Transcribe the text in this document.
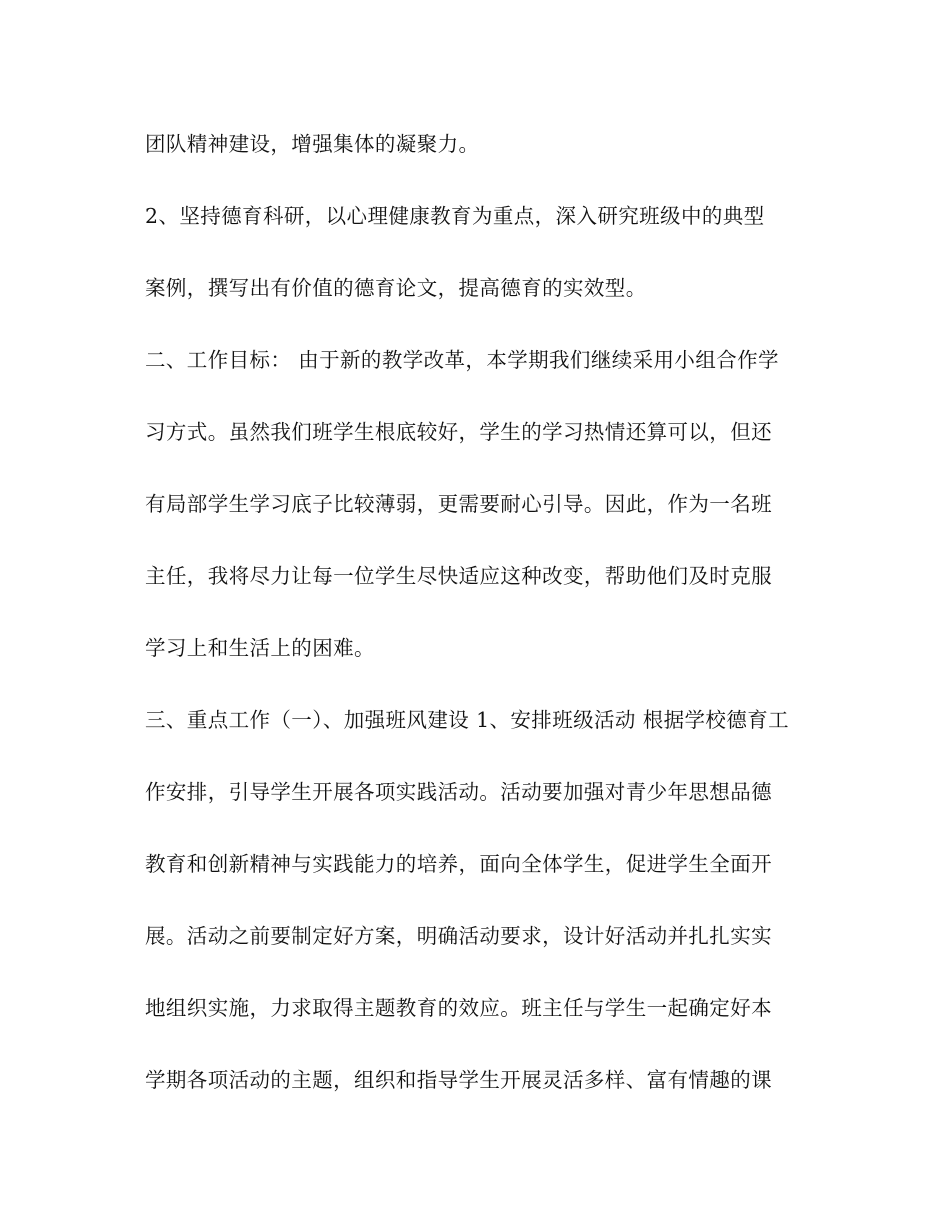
团队精神建设，增强集体的凝聚力。

2、坚持德育科研，以心理健康教育为重点，深入研究班级中的典型

案例，撰写出有价值的德育论文，提高德育的实效型。

二、工作目标： 由于新的教学改革，本学期我们继续采用小组合作学

习方式。虽然我们班学生根底较好，学生的学习热情还算可以，但还

有局部学生学习底子比较薄弱，更需要耐心引导。因此，作为一名班

主任，我将尽力让每一位学生尽快适应这种改变，帮助他们及时克服

学习上和生活上的困难。

三、重点工作（一）、加强班风建设 1、安排班级活动 根据学校德育工

作安排，引导学生开展各项实践活动。活动要加强对青少年思想品德

教育和创新精神与实践能力的培养，面向全体学生，促进学生全面开

展。活动之前要制定好方案，明确活动要求，设计好活动并扎扎实实

地组织实施，力求取得主题教育的效应。班主任与学生一起确定好本

学期各项活动的主题，组织和指导学生开展灵活多样、富有情趣的课
